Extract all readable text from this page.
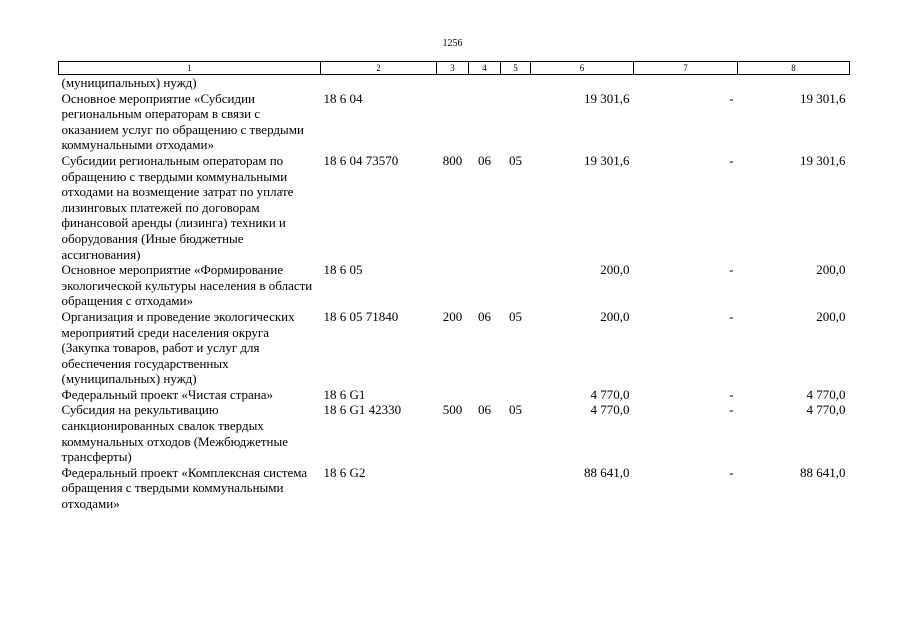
1256
1	2	3	4	5	6	7	8
(муниципальных) нужд)							
Основное мероприятие «Субсидии региональным операторам в связи с оказанием услуг по обращению с твердыми коммунальными отходами»	18 6 04				19 301,6	-	19 301,6
Субсидии региональным операторам по обращению с твердыми коммунальными отходами на возмещение затрат по уплате лизинговых платежей по договорам финансовой аренды (лизинга) техники и оборудования (Иные бюджетные ассигнования)	18 6 04 73570	800	06	05	19 301,6	-	19 301,6
Основное мероприятие «Формирование экологической культуры населения в области обращения с отходами»	18 6 05				200,0	-	200,0
Организация и проведение экологических мероприятий среди населения округа (Закупка товаров, работ и услуг для обеспечения государственных (муниципальных) нужд)	18 6 05 71840	200	06	05	200,0	-	200,0
Федеральный проект «Чистая страна»	18 6 G1				4 770,0	-	4 770,0
Субсидия на рекультивацию санкционированных свалок твердых коммунальных отходов (Межбюджетные трансферты)	18 6 G1 42330	500	06	05	4 770,0	-	4 770,0
Федеральный проект «Комплексная система обращения с твердыми коммунальными отходами»	18 6 G2				88 641,0	-	88 641,0
